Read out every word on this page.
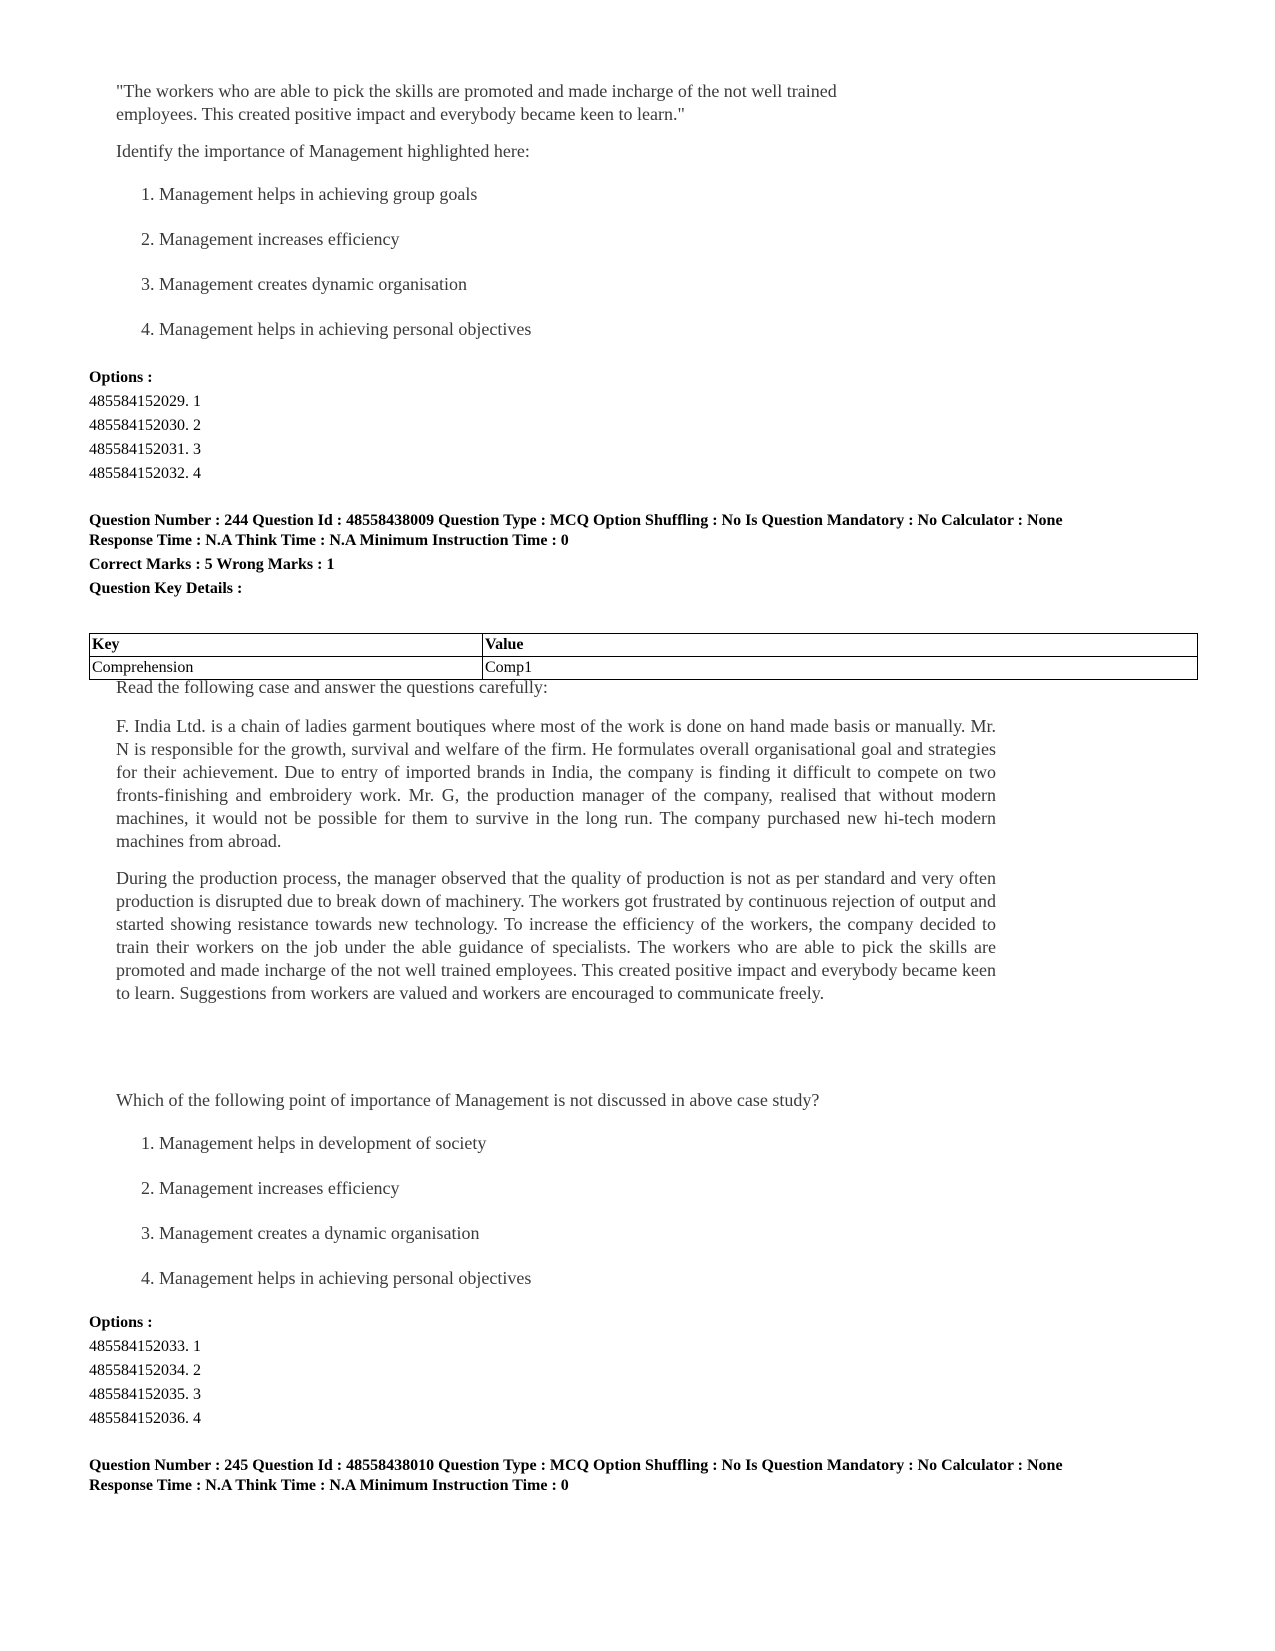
"The workers who are able to pick the skills are promoted and made incharge of the not well trained employees. This created positive impact and everybody became keen to learn."

Identify the importance of Management highlighted here:

1. Management helps in achieving group goals
2. Management increases efficiency
3. Management creates dynamic organisation
4. Management helps in achieving personal objectives
Options :
485584152029. 1
485584152030. 2
485584152031. 3
485584152032. 4
Question Number : 244 Question Id : 48558438009 Question Type : MCQ Option Shuffling : No Is Question Mandatory : No Calculator : None
Response Time : N.A Think Time : N.A Minimum Instruction Time : 0
Correct Marks : 5 Wrong Marks : 1
Question Key Details :
Key	Value
Comprehension	Comp1

Read the following case and answer the questions carefully:

F. India Ltd. is a chain of ladies garment boutiques where most of the work is done on hand made basis or manually. Mr. N is responsible for the growth, survival and welfare of the firm. He formulates overall organisational goal and strategies for their achievement. Due to entry of imported brands in India, the company is finding it difficult to compete on two fronts-finishing and embroidery work. Mr. G, the production manager of the company, realised that without modern machines, it would not be possible for them to survive in the long run. The company purchased new hi-tech modern machines from abroad.

During the production process, the manager observed that the quality of production is not as per standard and very often production is disrupted due to break down of machinery. The workers got frustrated by continuous rejection of output and started showing resistance towards new technology. To increase the efficiency of the workers, the company decided to train their workers on the job under the able guidance of specialists. The workers who are able to pick the skills are promoted and made incharge of the not well trained employees. This created positive impact and everybody became keen to learn. Suggestions from workers are valued and workers are encouraged to communicate freely.

Which of the following point of importance of Management is not discussed in above case study?

1. Management helps in development of society
2. Management increases efficiency
3. Management creates a dynamic organisation
4. Management helps in achieving personal objectives
Options :
485584152033. 1
485584152034. 2
485584152035. 3
485584152036. 4
Question Number : 245 Question Id : 48558438010 Question Type : MCQ Option Shuffling : No Is Question Mandatory : No Calculator : None
Response Time : N.A Think Time : N.A Minimum Instruction Time : 0
